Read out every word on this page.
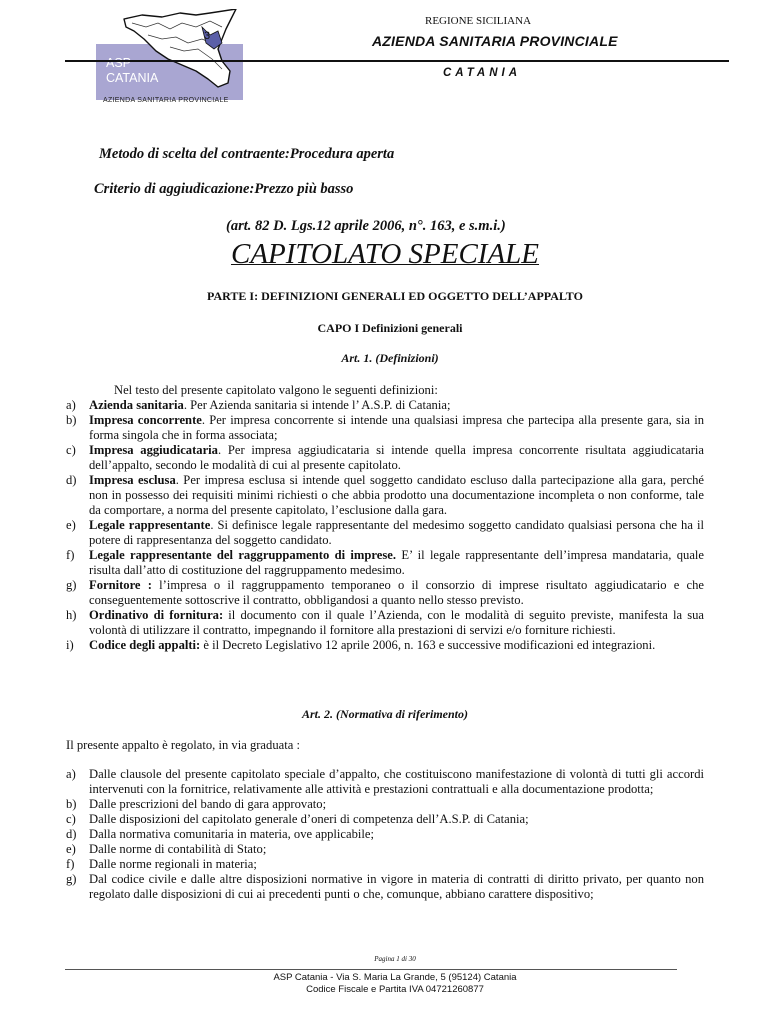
3
ASP
CATANIA
AZIENDA SANITARIA PROVINCIALE
REGIONE SICILIANA
AZIENDA SANITARIA PROVINCIALE
CATANIA
Metodo di scelta del contraente:Procedura aperta
Criterio di aggiudicazione:Prezzo più basso
(art. 82 D. Lgs.12 aprile 2006, n°. 163, e s.m.i.)
CAPITOLATO SPECIALE
PARTE I: DEFINIZIONI GENERALI ED OGGETTO DELL’APPALTO
CAPO I Definizioni generali
Art. 1. (Definizioni)
Nel testo del presente capitolato valgono le seguenti definizioni:
a) Azienda sanitaria. Per Azienda sanitaria si intende l’ A.S.P. di Catania;
b) Impresa concorrente. Per impresa concorrente si intende una qualsiasi impresa che partecipa alla presente gara, sia in forma singola che in forma associata;
c) Impresa aggiudicataria. Per impresa aggiudicataria si intende quella impresa concorrente risultata aggiudicataria dell’appalto, secondo le modalità di cui al presente capitolato.
d) Impresa esclusa. Per impresa esclusa si intende quel soggetto candidato escluso dalla partecipazione alla gara, perché non in possesso dei requisiti minimi richiesti o che abbia prodotto una documentazione incompleta o non conforme, tale da comportare, a norma del presente capitolato, l’esclusione dalla gara.
e) Legale rappresentante. Si definisce legale rappresentante del medesimo soggetto candidato qualsiasi persona che ha il potere di rappresentanza del soggetto candidato.
f) Legale rappresentante del raggruppamento di imprese. E’ il legale rappresentante dell’impresa mandataria, quale risulta dall’atto di costituzione del raggruppamento medesimo.
g) Fornitore : l’impresa o il raggruppamento temporaneo o il consorzio di imprese risultato aggiudicatario e che conseguentemente sottoscrive il contratto, obbligandosi a quanto nello stesso previsto.
h) Ordinativo di fornitura: il documento con il quale l’Azienda, con le modalità di seguito previste, manifesta la sua volontà di utilizzare il contratto, impegnando il fornitore alla prestazioni di servizi e/o forniture richiesti.
i) Codice degli appalti: è il Decreto Legislativo 12 aprile 2006, n. 163 e successive modificazioni ed integrazioni.
Art. 2. (Normativa di riferimento)
Il presente appalto è regolato, in via graduata :
a) Dalle clausole del presente capitolato speciale d’appalto, che costituiscono manifestazione di volontà di tutti gli accordi intervenuti con la fornitrice, relativamente alle attività e prestazioni contrattuali e alla documentazione prodotta;
b) Dalle prescrizioni del bando di gara approvato;
c) Dalle disposizioni del capitolato generale d’oneri di competenza dell’A.S.P. di Catania;
d) Dalla normativa comunitaria in materia, ove applicabile;
e) Dalle norme di contabilità di Stato;
f) Dalle norme regionali in materia;
g) Dal codice civile e dalle altre disposizioni normative in vigore in materia di contratti di diritto privato, per quanto non regolato dalle disposizioni di cui ai precedenti punti o che, comunque, abbiano carattere dispositivo;
Pagina 1 di 30
ASP Catania - Via S. Maria La Grande, 5 (95124) Catania
Codice Fiscale e Partita IVA 04721260877
